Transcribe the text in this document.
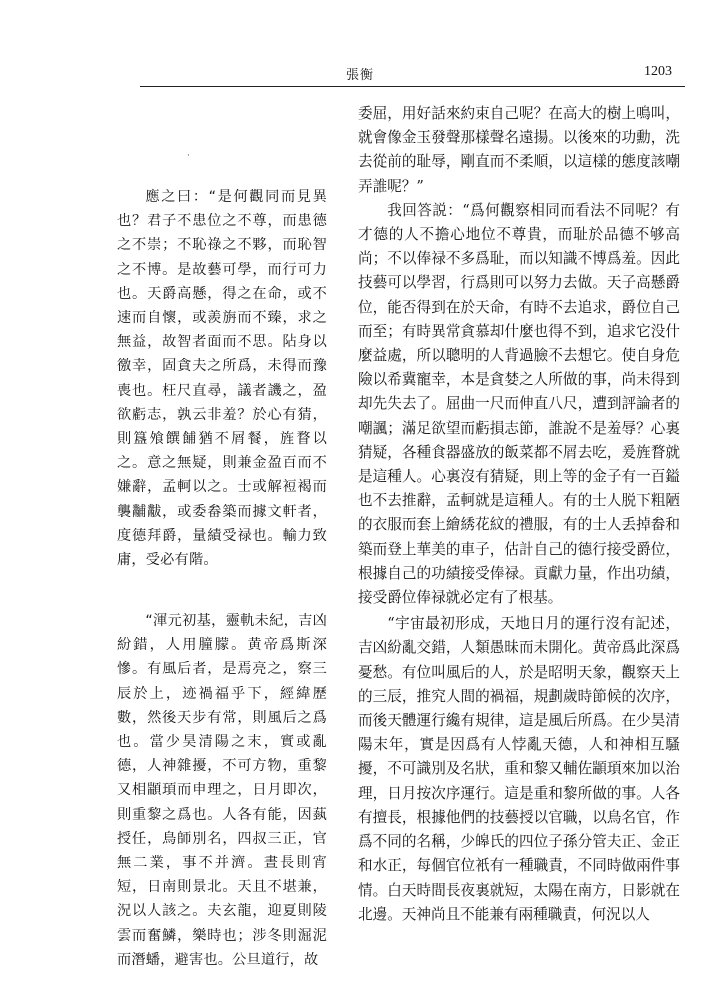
張衡	1203
·

應之曰：“是何觀同而見異也？君子不患位之不尊，而患德之不崇；不恥祿之不夥，而恥智之不博。是故藝可學，而行可力也。天爵高懸，得之在命，或不速而自懷，或羨旃而不臻，求之無益，故智者面而不思。阽身以徼幸，固貪夫之所爲，未得而豫喪也。枉尺直尋，議者譏之，盈欲虧志，孰云非羞？於心有猜，則簋飧饌餔猶不屑餐，旌瞀以之。意之無疑，則兼金盈百而不嫌辭，孟軻以之。士或解裋褐而襲黼黻，或委畚築而據文軒者，度德拜爵，量績受禄也。輸力致庸，受必有階。

“渾元初基，靈軌未紀，吉凶紛錯，人用朣朦。黄帝爲斯深慘。有風后者，是焉亮之，察三辰於上，迹禍福乎下，經緯歷數，然後天步有常，則風后之爲也。當少昊清陽之末，實或亂德，人神雜擾，不可方物，重黎又相顓頊而申理之，日月即次，則重黎之爲也。人各有能，因蓺授任，鳥師別名，四叔三正，官無二業，事不并濟。晝長則宵短，日南則景北。天且不堪兼，況以人該之。夫玄龍，迎夏則陵雲而奮鱗，樂時也；涉冬則淈泥而潛蟠，避害也。公旦道行，故

委屈，用好話來約束自己呢？在高大的樹上鳴叫，就會像金玉發聲那樣聲名遠揚。以後來的功勳，洗去從前的耻辱，剛直而不柔順，以這樣的態度該嘲弄誰呢？”

我回答説：“爲何觀察相同而看法不同呢？有才德的人不擔心地位不尊貴，而耻於品德不够高尚；不以俸禄不多爲耻，而以知識不博爲羞。因此技藝可以學習，行爲則可以努力去做。天子高懸爵位，能否得到在於天命，有時不去追求，爵位自己而至；有時異常貪慕却什麼也得不到，追求它没什麼益處，所以聰明的人背過臉不去想它。使自身危險以希冀寵幸，本是貪婪之人所做的事，尚未得到却先失去了。屈曲一尺而伸直八尺，遭到評論者的嘲諷；滿足欲望而虧損志節，誰說不是羞辱？心裏猜疑，各種食器盛放的飯菜都不屑去吃，爰旌瞀就是這種人。心裏沒有猜疑，則上等的金子有一百鎰也不去推辭，孟軻就是這種人。有的士人脱下粗陋的衣服而套上繪綉花紋的禮服，有的士人丢掉畚和築而登上華美的車子，估計自己的德行接受爵位，根據自己的功績接受俸禄。貢獻力量，作出功績，接受爵位俸禄就必定有了根基。

“宇宙最初形成，天地日月的運行沒有記述，吉凶紛亂交錯，人類愚昧而未開化。黄帝爲此深爲憂愁。有位叫風后的人，於是昭明天象，觀察天上的三辰，推究人間的禍福，規劃歲時節候的次序，而後天體運行纔有規律，這是風后所爲。在少昊清陽末年，實是因爲有人悖亂天德，人和神相互騷擾，不可識別及名狀，重和黎又輔佐顓頊來加以治理，日月按次序運行。這是重和黎所做的事。人各有擅長，根據他們的技藝授以官職，以鳥名官，作爲不同的名稱，少皞氏的四位子孫分管夫正、金正和水正，每個官位衹有一種職責，不同時做兩件事情。白天時間長夜裏就短，太陽在南方，日影就在北邊。天神尚且不能兼有兩種職責，何況以人
